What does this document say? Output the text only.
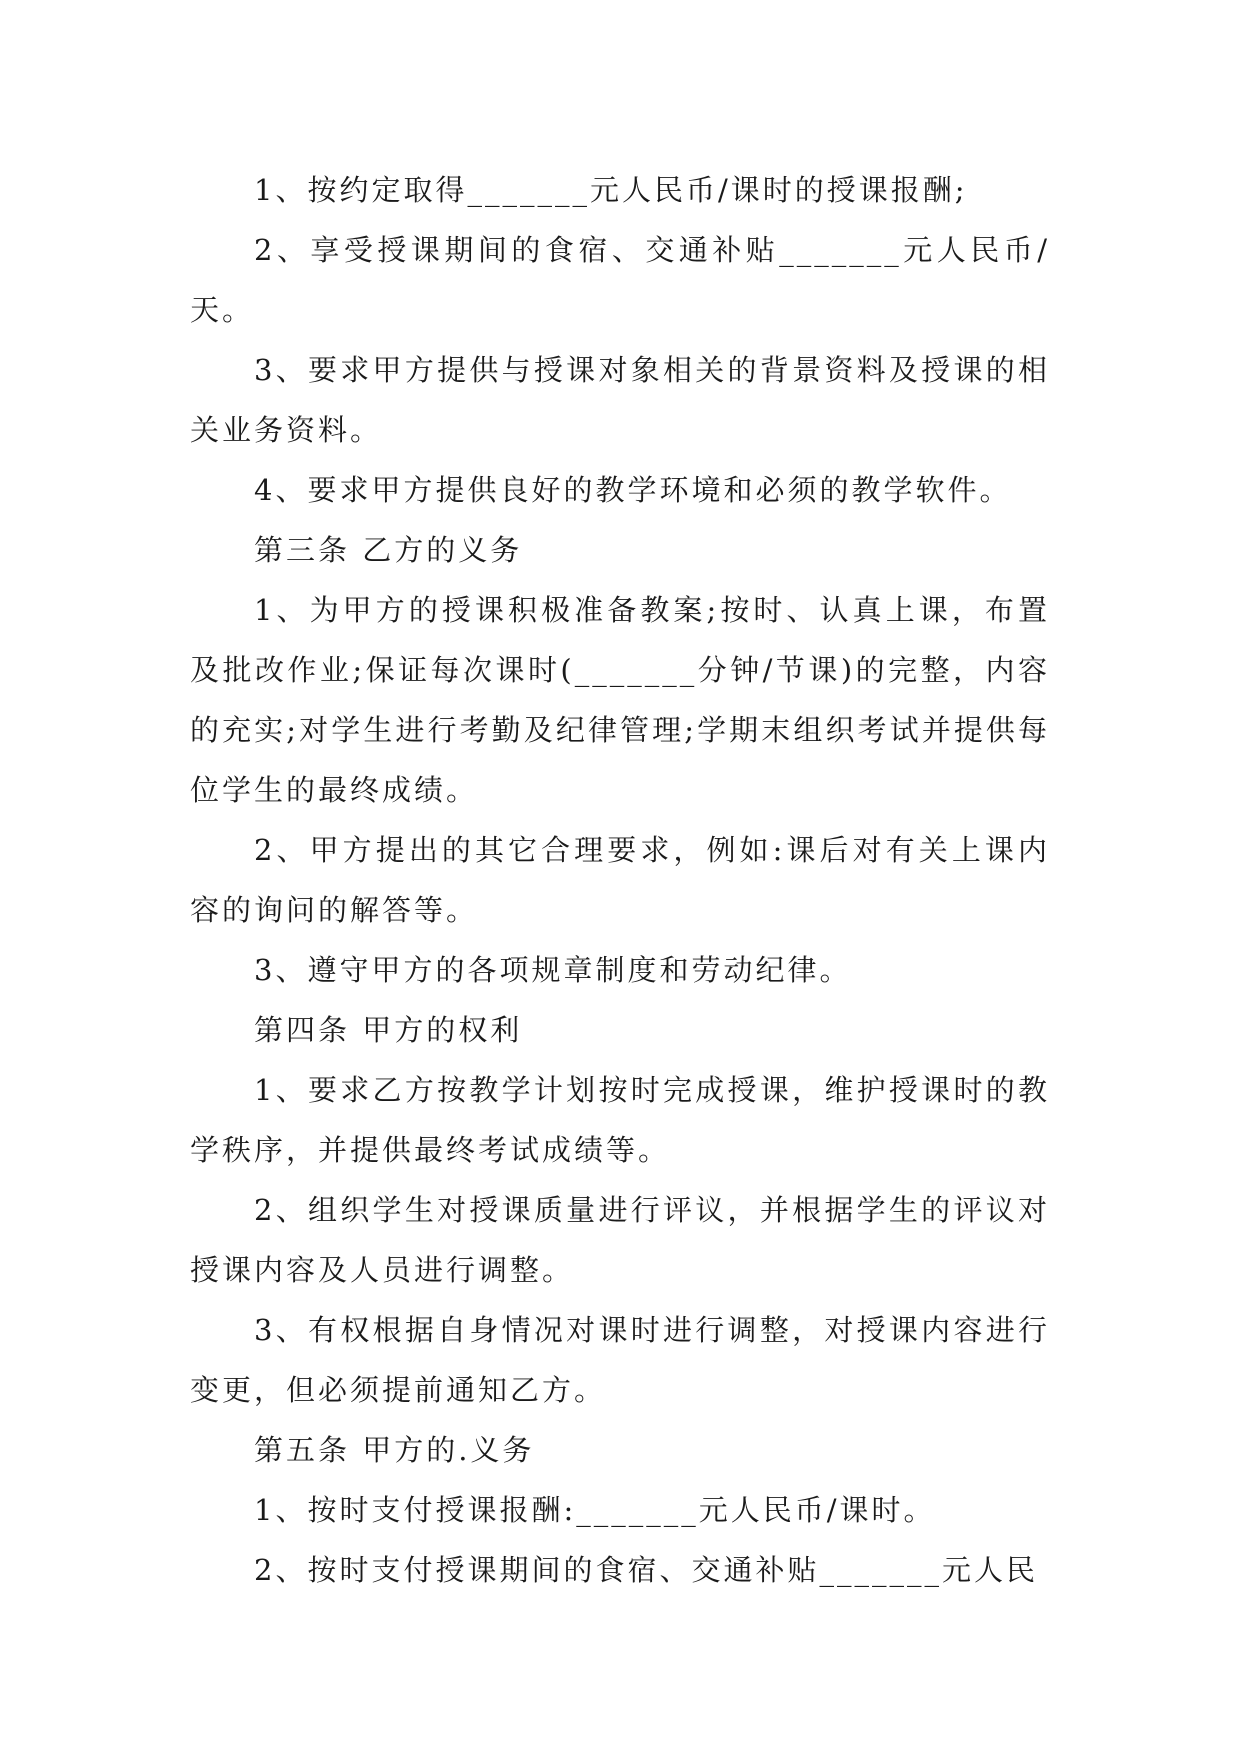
1、按约定取得_______元人民币/课时的授课报酬;

2、享受授课期间的食宿、交通补贴_______元人民币/天。

3、要求甲方提供与授课对象相关的背景资料及授课的相关业务资料。

4、要求甲方提供良好的教学环境和必须的教学软件。

第三条 乙方的义务

1、为甲方的授课积极准备教案;按时、认真上课，布置及批改作业;保证每次课时(_______分钟/节课)的完整，内容的充实;对学生进行考勤及纪律管理;学期末组织考试并提供每位学生的最终成绩。

2、甲方提出的其它合理要求，例如:课后对有关上课内容的询问的解答等。

3、遵守甲方的各项规章制度和劳动纪律。

第四条 甲方的权利

1、要求乙方按教学计划按时完成授课，维护授课时的教学秩序，并提供最终考试成绩等。

2、组织学生对授课质量进行评议，并根据学生的评议对授课内容及人员进行调整。

3、有权根据自身情况对课时进行调整，对授课内容进行变更，但必须提前通知乙方。

第五条 甲方的.义务

1、按时支付授课报酬:_______元人民币/课时。

2、按时支付授课期间的食宿、交通补贴_______元人民
